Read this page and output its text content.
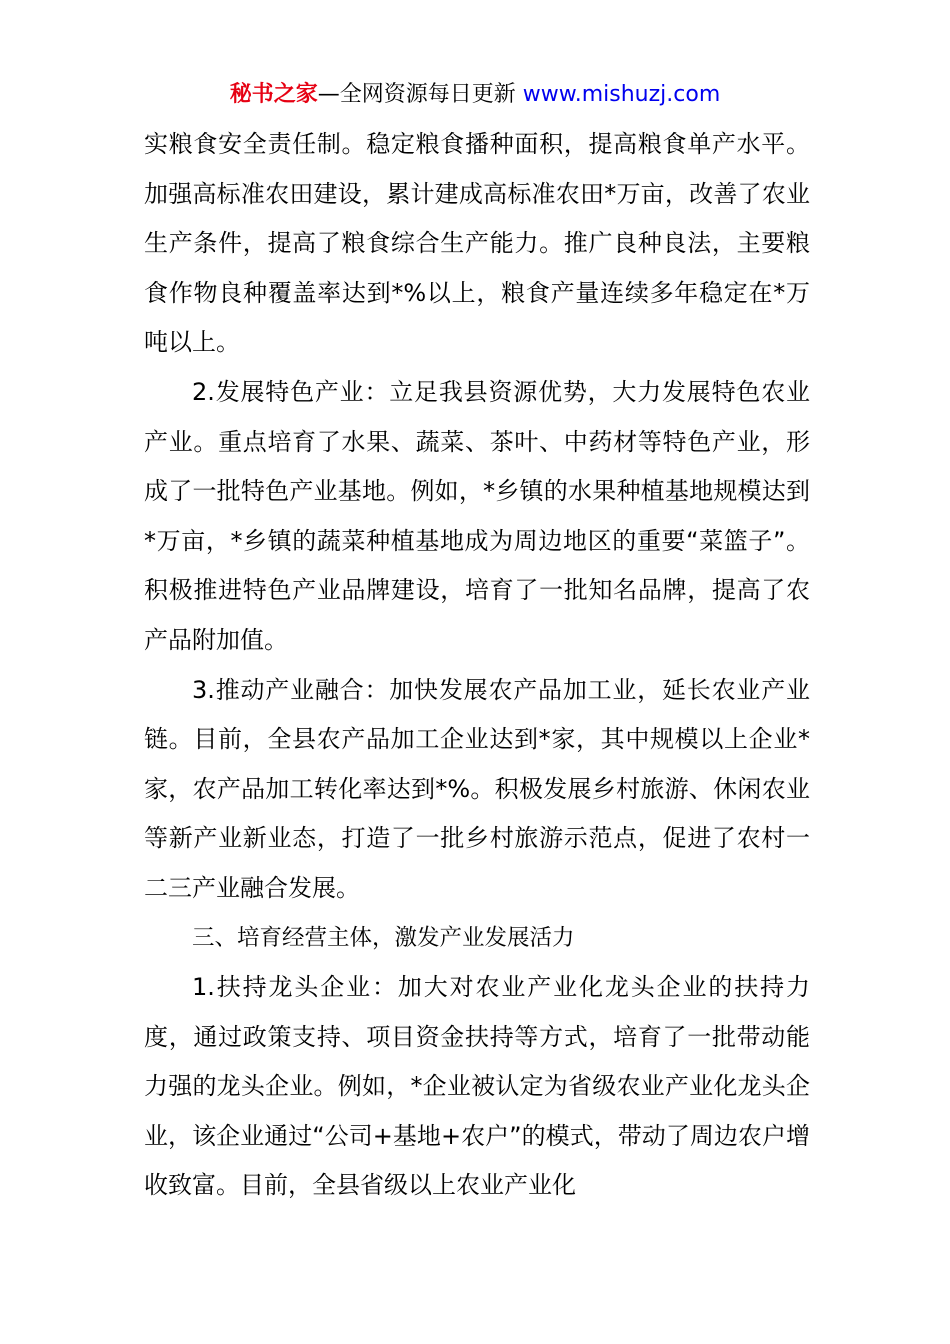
秘书之家—全网资源每日更新 www.mishuzj.com

实粮食安全责任制。稳定粮食播种面积，提高粮食单产水平。加强高标准农田建设，累计建成高标准农田*万亩，改善了农业生产条件，提高了粮食综合生产能力。推广良种良法，主要粮食作物良种覆盖率达到*%以上，粮食产量连续多年稳定在*万吨以上。

2.发展特色产业：立足我县资源优势，大力发展特色农业产业。重点培育了水果、蔬菜、茶叶、中药材等特色产业，形成了一批特色产业基地。例如，*乡镇的水果种植基地规模达到*万亩，*乡镇的蔬菜种植基地成为周边地区的重要“菜篮子”。积极推进特色产业品牌建设，培育了一批知名品牌，提高了农产品附加值。

3.推动产业融合：加快发展农产品加工业，延长农业产业链。目前，全县农产品加工企业达到*家，其中规模以上企业*家，农产品加工转化率达到*%。积极发展乡村旅游、休闲农业等新产业新业态，打造了一批乡村旅游示范点，促进了农村一二三产业融合发展。

三、培育经营主体，激发产业发展活力

1.扶持龙头企业：加大对农业产业化龙头企业的扶持力度，通过政策支持、项目资金扶持等方式，培育了一批带动能力强的龙头企业。例如，*企业被认定为省级农业产业化龙头企业，该企业通过“公司+基地+农户”的模式，带动了周边农户增收致富。目前，全县省级以上农业产业化
